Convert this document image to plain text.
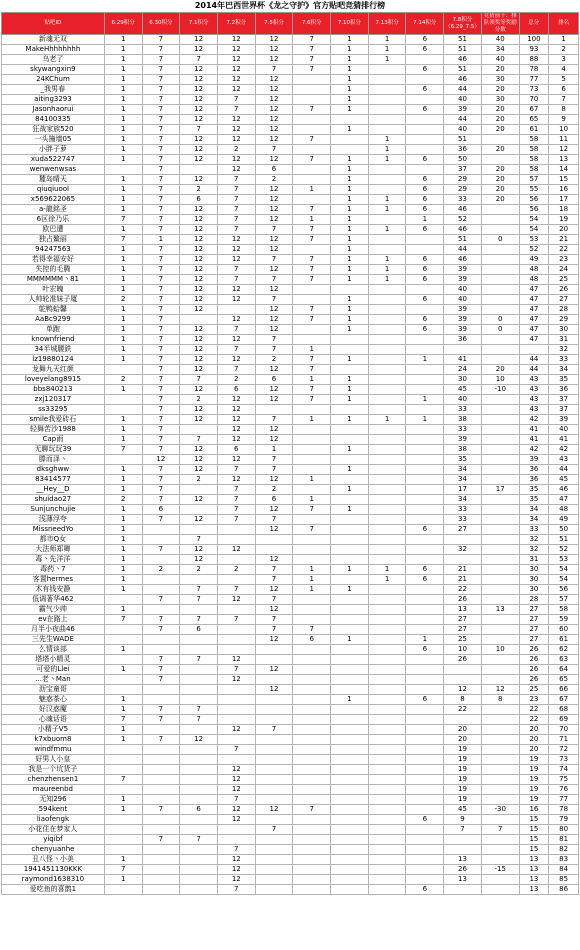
2014年巴西世界杯《龙之守护》官方贴吧竞猜排行榜
贴吧ID	6.29积分	6.30积分	7.1积分	7.2积分	7.5积分	7.6积分	7.10积分	7.13积分	7.14积分	7.8积分（6.29_7.5）	竞猜前十、排队领奖等奖励分数	总分	排名
新魂无双	1	7	12	12	12	7	1	1	6	51	40	100	1
MakeHhhhhhhh	1	7	12	12	12	7	1	1	6	51	34	93	2
乌老了	1	7	7	12	12	7	1	1		46	40	88	3
skywangxin9	1	7	12	12	7	7	1		6	51	20	78	4
24KChum	1	7	12	12	12		1			46	30	77	5
_我男春	1	7	12	12	12		1		6	44	20	73	6
aiting3293	1	7	12	7	12		1			40	30	70	7
Jasonhaorui	1	7	12	7	12	7	1		6	39	20	67	8
84100335	1	7	12	12	12					44	20	65	9
狂战家族520	1	7	7	12	12		1			40	20	61	10
一头撞墙05	1	7	12	12	12	7		1		51		58	11
小胖子萝	1	7	12	2	7			1		36	20	58	12
xuda522747	1	7	12	12	12	7	1	1	6	50		58	13
wenwenwsas		7		12	6		1			37	20	58	14
麓岛晴天	1	7	12	7	2		1		6	29	20	57	15
qiuqiuool	1	7	2	7	12	1	1		6	29	20	55	16
x569622065	1	7	6	7	12		1	1	6	33	20	56	17
a-龍銘圣	1	7	12	7	12	7	1	1	6	46		56	18
6区徐乃乐	7	7	12	7	12	1	1		1	52		54	19
欧巴遭	1	7	12	7	7	7	1	1	6	46		54	20
独占鳌丽	7	1	12	12	12	7	1			51	0	53	21
94247563	1	7	12	12	12		1			44		52	22
若得幸福安好	1	7	12	12	7	7	1	1	6	46		49	23
失控的毛腾	1	7	12	7	12	7	1	1	6	39		48	24
MMMMMM丶81	1	7	12	7	7	7	1	1	6	39		48	25
叶宏魄	1	7	12	12	12					40		47	26
人帅轮准妹子厦	2	7	12	12	7		1		6	40		47	27
鸵鸭蛤馨	1	7	12		12	7	1			39		47	28
AaBc9299	1	7		12	12	7	1		6	39	0	47	29
单跑	1	7	12	7	12		1		6	39	0	47	30
knownfriend	1	7	12	12	7					36		47	31
34半城腰鉄	1	7	12	7	7	1							32
lz19880124	1	7	12	12	2	7	1		1	41		44	33
龙舞九天红颜		7	12	7	12	7				24	20	44	34
loveyelang8915	2	7	7	2	6	1	1			30	10	43	35
bbs840213	1	7	12	6	12	7	1			45	-10	43	36
zxj120317		7	2	12	12	7	1		1	40		43	37
ss33295		7	12	12						33		43	37
smile我爱砖石	1	7	12	12	7	1	1	1	1	38		42	39
轻舞苦沙1988	1	7		12	12					33		41	40
Cap雨	1	7	7	12	12					39		41	41
无聊玩玩39	7	7	12	6	1		1			38		42	42
滕而泽丶		12	12	12	7					35		39	43
dksghww	1	7	12	7	7		1			34		36	44
83414577	1	7	2	12	12	1				34		36	45
__Hey__D	1	7		7	2		1			17	17	35	46
shuidao27	2	7	12	7	6	1				34		35	47
Sunjunchujie	1	6		7	12	7	1			33		34	48
浅薄浮夸	1	7	12	7	7					33		34	49
MissneedYo	1				12	7			6	27		33	50
都市Q女	1		7									32	51
大法师郑卿	1	7	12	12						32		32	52
毒丶先洋洋	1		12		12							31	53
毒药丶7	1	2	2	2	7	1	1	1	6	21		30	54
客置hermes	1				7	1		1	6	21		30	54
木有钱安静	1		7	7	12	1	1			22		30	56
低调著华462		7	7	12	7					26		28	57
霸气少帅	1				12					13	13	27	58
ev在路上	7	7	7	7	7					27		27	59
月半小夜曲46		7	6		7	7				27		27	60
三先生WADE					12	6	1		1	25		27	61
么情谈部	1								6	10	10	26	62
塔塔小精灵		7	7	12						26		26	63
可爱的Llei	1	7		7	12							26	64
...老丶Man		7		12								26	65
沥宝童哥					12					12	12	25	66
魅惑茶心	1						1		6	8	8	23	67
好汉惑魔	1	7	7							22		22	68
心魂话语	7	7	7									22	69
小精子V5	1			12	7					20		20	70
k7xbuom8	1	7	12							20		20	71
windfmmu				7						19		20	72
好男人小皇										19		19	73
我是一个坑货子				12						19		19	74
chenzhensen1	7			12						19		19	75
maureenbd				12						19		19	76
无知296	1			7						19		19	77
594kent	1	7	6	12	12	7				45	-30	16	78
liaofengk				12					6	9		15	79
小花住在梦家人					7					7	7	15	80
yiqibf		7	7									15	81
chenyuanhe				7								15	82
丑八怪丶小美	1			12						13		13	83
1941451130KKK	7			12						26	-15	13	84
raymond1638310	1			12						13		13	85
爱吃鱼的喜鹊1				7					6			13	86
